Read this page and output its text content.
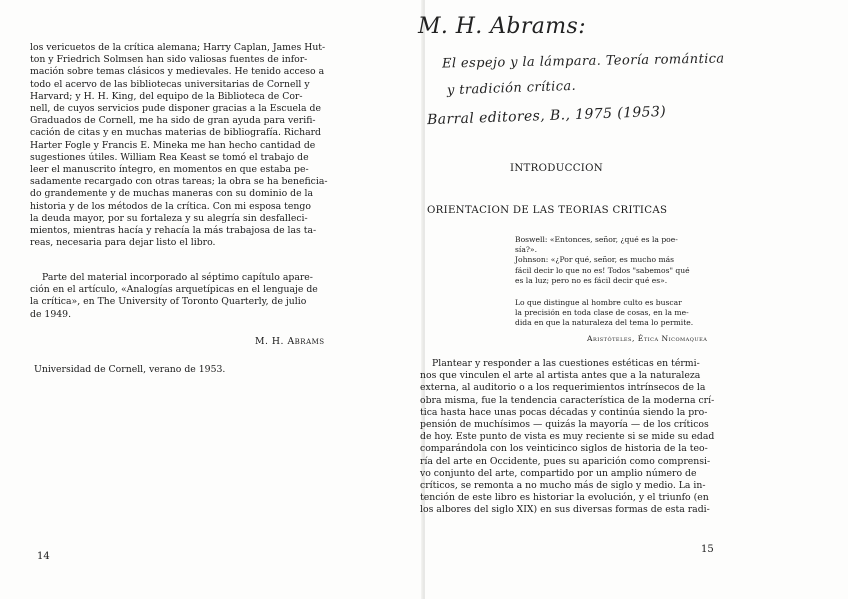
los vericuetos de la crítica alemana; Harry Caplan, James Hut-
ton y Friedrich Solmsen han sido valiosas fuentes de infor-
mación sobre temas clásicos y medievales. He tenido acceso a
todo el acervo de las bibliotecas universitarias de Cornell y
Harvard; y H. H. King, del equipo de la Biblioteca de Cor-
nell, de cuyos servicios pude disponer gracias a la Escuela de
Graduados de Cornell, me ha sido de gran ayuda para verifi-
cación de citas y en muchas materias de bibliografía. Richard
Harter Fogle y Francis E. Mineka me han hecho cantidad de
sugestiones útiles. William Rea Keast se tomó el trabajo de
leer el manuscrito íntegro, en momentos en que estaba pe-
sadamente recargado con otras tareas; la obra se ha beneficia-
do grandemente y de muchas maneras con su dominio de la
historia y de los métodos de la crítica. Con mi esposa tengo
la deuda mayor, por su fortaleza y su alegría sin desfalleci-
mientos, mientras hacía y rehacía la más trabajosa de las ta-
reas, necesaria para dejar listo el libro.
Parte del material incorporado al séptimo capítulo apare-
ción en el artículo, «Analogías arquetípicas en el lenguaje de
la crítica», en The University of Toronto Quarterly, de julio
de 1949.
M. H. Abrams
Universidad de Cornell, verano de 1953.
14
M. H. Abrams:
El espejo y la lámpara. Teoría romántica
y tradición crítica.
Barral editores, B., 1975 (1953)
INTRODUCCION
ORIENTACION DE LAS TEORIAS CRITICAS
Boswell: «Entonces, señor, ¿qué es la poe-
sía?».
Johnson: «¿Por qué, señor, es mucho más
fácil decir lo que no es! Todos "sabemos" qué
es la luz; pero no es fácil decir qué es».
Lo que distingue al hombre culto es buscar
la precisión en toda clase de cosas, en la me-
dida en que la naturaleza del tema lo permite.
Aristóteles, Ética Nicomaquea
Plantear y responder a las cuestiones estéticas en térmi-
nos que vinculen el arte al artista antes que a la naturaleza
externa, al auditorio o a los requerimientos intrínsecos de la
obra misma, fue la tendencia característica de la moderna crí-
tica hasta hace unas pocas décadas y continúa siendo la pro-
pensión de muchísimos — quizás la mayoría — de los críticos
de hoy. Este punto de vista es muy reciente si se mide su edad
comparándola con los veinticinco siglos de historia de la teo-
ría del arte en Occidente, pues su aparición como comprensi-
vo conjunto del arte, compartido por un amplio número de
críticos, se remonta a no mucho más de siglo y medio. La in-
tención de este libro es historiar la evolución, y el triunfo (en
los albores del siglo XIX) en sus diversas formas de esta radi-
15
